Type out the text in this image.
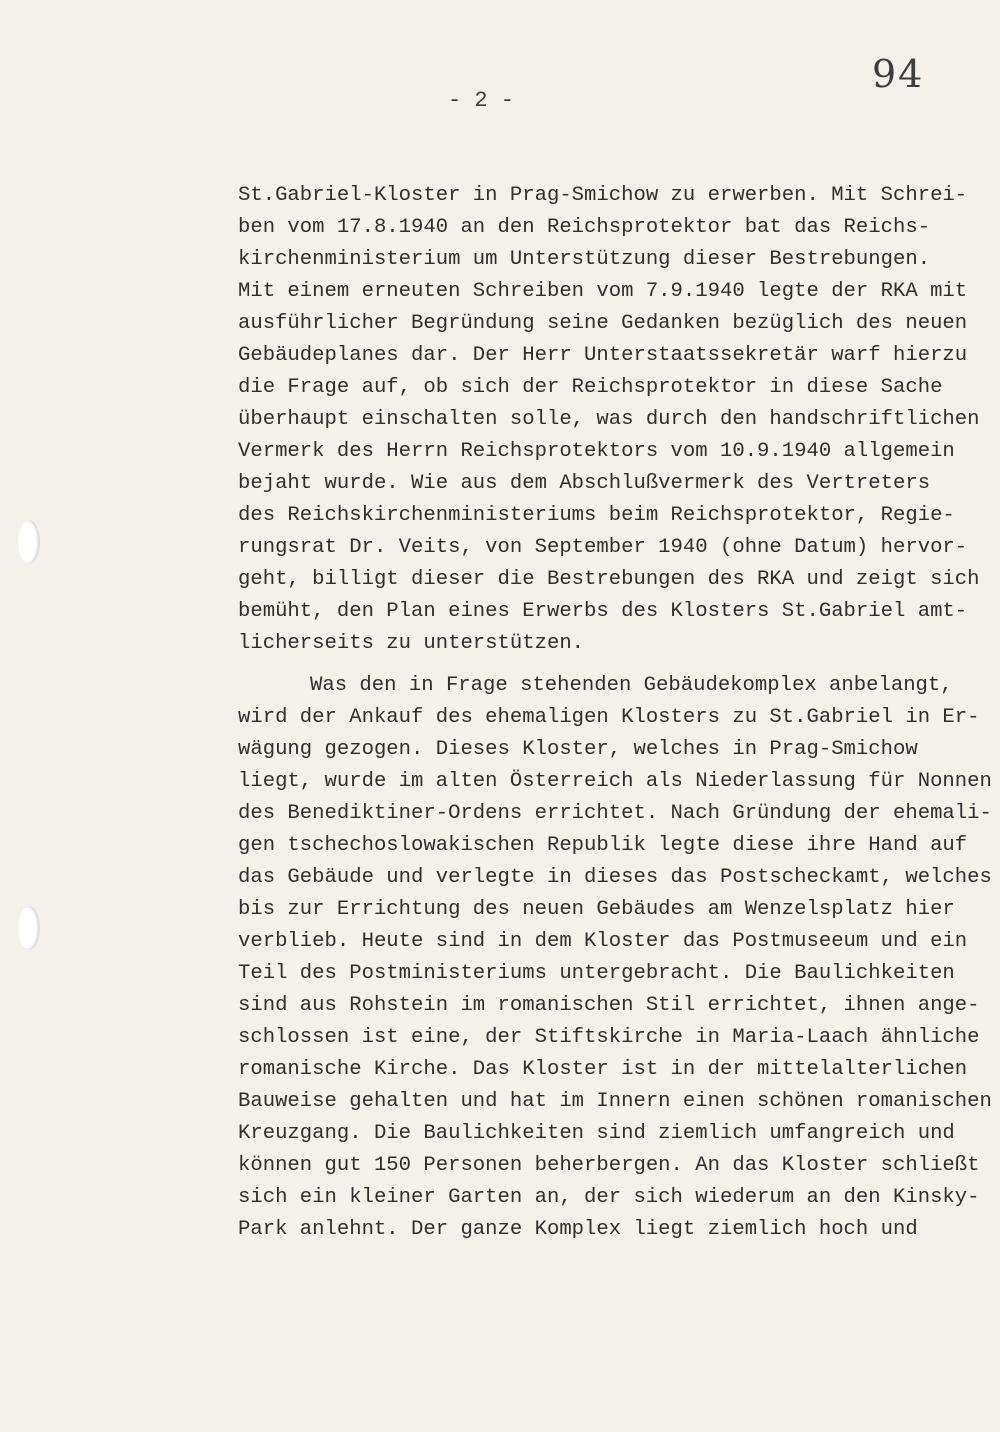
94
- 2 -
St.Gabriel-Kloster in Prag-Smichow zu erwerben. Mit Schrei-
ben vom 17.8.1940 an den Reichsprotektor bat das Reichs-
kirchenministerium um Unterstützung dieser Bestrebungen.
Mit einem erneuten Schreiben vom 7.9.1940 legte der RKA mit
ausführlicher Begründung seine Gedanken bezüglich des neuen
Gebäudeplanes dar. Der Herr Unterstaatssekretär warf hierzu
die Frage auf, ob sich der Reichsprotektor in diese Sache
überhaupt einschalten solle, was durch den handschriftlichen
Vermerk des Herrn Reichsprotektors vom 10.9.1940 allgemein
bejaht wurde. Wie aus dem Abschlußvermerk des Vertreters
des Reichskirchenministeriums beim Reichsprotektor, Regie-
rungsrat Dr. Veits, von September 1940 (ohne Datum) hervor-
geht, billigt dieser die Bestrebungen des RKA und zeigt sich
bemüht, den Plan eines Erwerbs des Klosters St.Gabriel amt-
licherseits zu unterstützen.
Was den in Frage stehenden Gebäudekomplex anbelangt,
wird der Ankauf des ehemaligen Klosters zu St.Gabriel in Er-
wägung gezogen. Dieses Kloster, welches in Prag-Smichow
liegt, wurde im alten Österreich als Niederlassung für Nonnen
des Benediktiner-Ordens errichtet. Nach Gründung der ehemali-
gen tschechoslowakischen Republik legte diese ihre Hand auf
das Gebäude und verlegte in dieses das Postscheckamt, welches
bis zur Errichtung des neuen Gebäudes am Wenzelsplatz hier
verblieb. Heute sind in dem Kloster das Postmuseeum und ein
Teil des Postministeriums untergebracht. Die Baulichkeiten
sind aus Rohstein im romanischen Stil errichtet, ihnen ange-
schlossen ist eine, der Stiftskirche in Maria-Laach ähnliche
romanische Kirche. Das Kloster ist in der mittelalterlichen
Bauweise gehalten und hat im Innern einen schönen romanischen
Kreuzgang. Die Baulichkeiten sind ziemlich umfangreich und
können gut 150 Personen beherbergen. An das Kloster schließt
sich ein kleiner Garten an, der sich wiederum an den Kinsky-
Park anlehnt. Der ganze Komplex liegt ziemlich hoch und
